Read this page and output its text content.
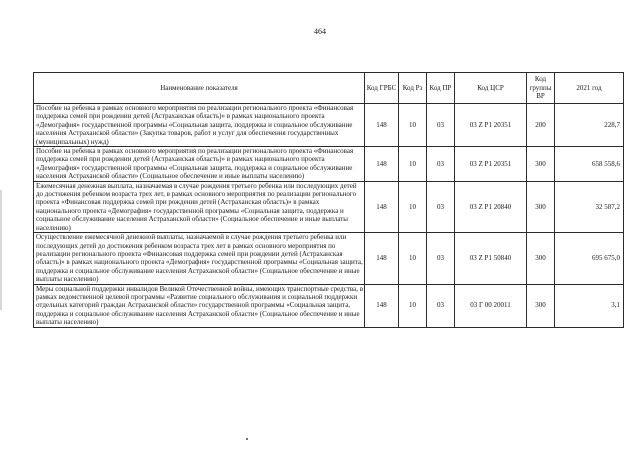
464
Наименование показателя	Код ГРБС	Код Рз	Код ПР	Код ЦСР	Код группы ВР	2021 год
Пособие на ребенка в рамках основного мероприятия по реализации регионального проекта «Финансовая поддержка семей при рождении детей (Астраханская область)» в рамках национального проекта «Демография» государственной программы «Социальная защита, поддержка и социальное обслуживание населения Астраханской области» (Закупка товаров, работ и услуг для обеспечения государственных (муниципальных) нужд)	148	10	03	03 Z P1 20351	200	228,7
Пособие на ребенка в рамках основного мероприятия по реализации регионального проекта «Финансовая поддержка семей при рождении детей (Астраханская область)» в рамках национального проекта «Демография» государственной программы «Социальная защита, поддержка и социальное обслуживание населения Астраханской области» (Социальное обеспечение и иные выплаты населению)	148	10	03	03 Z P1 20351	300	658 558,6
Ежемесячная денежная выплата, назначаемая в случае рождения третьего ребенка или последующих детей до достижения ребенком возраста трех лет, в рамках основного мероприятия по реализации регионального проекта «Финансовая поддержка семей при рождении детей (Астраханская область)» в рамках национального проекта «Демография» государственной программы «Социальная защита, поддержка и социальное обслуживание населения Астраханской области» (Социальное обеспечение и иные выплаты населению)	148	10	03	03 Z P1 20840	300	32 587,2
Осуществление ежемесячной денежной выплаты, назначаемой в случае рождения третьего ребенка или последующих детей до достижения ребенком возраста трех лет в рамках основного мероприятия по реализации регионального проекта «Финансовая поддержка семей при рождении детей (Астраханская область)» в рамках национального проекта «Демография» государственной программы «Социальная защита, поддержка и социальное обслуживание населения Астраханской области» (Социальное обеспечение и иные выплаты населению)	148	10	03	03 Z P1 50840	300	695 675,0
Меры социальной поддержки инвалидов Великой Отечественной войны, имеющих транспортные средства, в рамках ведомственной целевой программы «Развитие социального обслуживания и социальной поддержки отдельных категорий граждан Астраханской области» государственной программы «Социальная защита, поддержка и социальное обслуживание населения Астраханской области» (Социальное обеспечение и иные выплаты населению)	148	10	03	03 Г 00 20011	300	3,1
